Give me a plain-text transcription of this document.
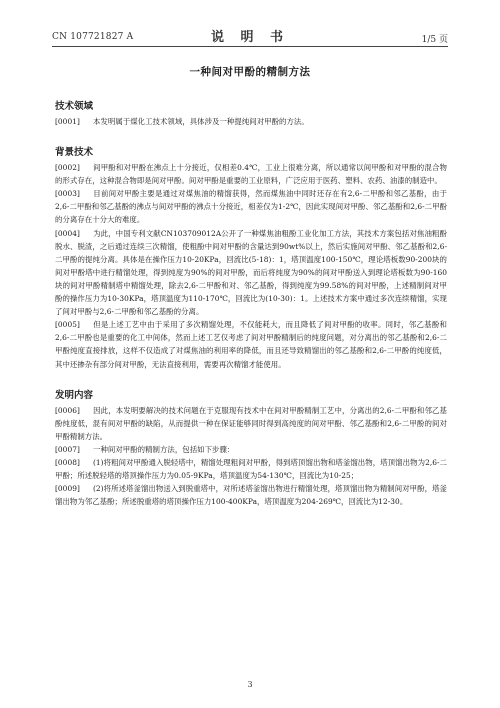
CN 107721827 A	说 明 书	1/5 页
一种间对甲酚的精制方法
技术领域

[0001] 本发明属于煤化工技术领域，具体涉及一种提纯间对甲酚的方法。

背景技术

[0002] 间甲酚和对甲酚在沸点上十分接近，仅相差0.4℃，工业上很难分离，所以通常以间甲酚和对甲酚的混合物的形式存在，这种混合物即是间对甲酚。间对甲酚是重要的工业原料，广泛应用于医药、塑料、农药、油漆的制造中。

[0003] 目前间对甲酚主要是通过对煤焦油的精馏获得，然而煤焦油中同时还存在有2,6-二甲酚和邻乙基酚，由于2,6-二甲酚和邻乙基酚的沸点与间对甲酚的沸点十分接近，相差仅为1-2℃，因此实现间对甲酚、邻乙基酚和2,6-二甲酚的分离存在十分大的难度。

[0004] 为此，中国专利文献CN103709012A公开了一种煤焦油粗酚工业化加工方法，其技术方案包括对焦油粗酚脱水、脱渣，之后通过连续三次精馏，使粗酚中间对甲酚的含量达到90wt%以上，然后实施间对甲酚、邻乙基酚和2,6-二甲酚的提纯分离。具体是在操作压力10-20KPa，回流比(5-18)：1，塔顶温度100-150℃，理论塔板数90-200块的间对甲酚塔中进行精馏处理，得到纯度为90%的间对甲酚，而后将纯度为90%的间对甲酚送入到理论塔板数为90-160块的间对甲酚精制塔中精馏处理，除去2,6-二甲酚和对、邻乙基酚，得到纯度为99.58%的间对甲酚，上述精制间对甲酚的操作压力为10-30KPa，塔顶温度为110-170℃，回流比为(10-30)：1。上述技术方案中通过多次连续精馏，实现了间对甲酚与2,6-二甲酚和邻乙基酚的分离。

[0005] 但是上述工艺中由于采用了多次精馏处理，不仅能耗大，而且降低了间对甲酚的收率。同时，邻乙基酚和2,6-二甲酚也是重要的化工中间体，然而上述工艺仅考虑了间对甲酚精制后的纯度问题，对分离出的邻乙基酚和2,6-二甲酚纯度直接排放，这样不仅造成了对煤焦油的利用率的降低，而且还导致精馏出的邻乙基酚和2,6-二甲酚的纯度低，其中还掺杂有部分间对甲酚，无法直接利用，需要再次精馏才能使用。

发明内容

[0006] 因此，本发明要解决的技术问题在于克服现有技术中在间对甲酚精制工艺中，分离出的2,6-二甲酚和邻乙基酚纯度低，混有间对甲酚的缺陷，从而提供一种在保证能够同时得到高纯度的间对甲酚、邻乙基酚和2,6-二甲酚的间对甲酚精制方法。

[0007] 一种间对甲酚的精制方法，包括如下步骤：

[0008] (1)将粗间对甲酚通入脱轻塔中，精馏处理粗间对甲酚，得到塔顶馏出物和塔釜馏出物，塔顶馏出物为2,6-二甲酚；所述脱轻塔的塔顶操作压力为0.05-9KPa，塔顶温度为54-130℃，回流比为10-25；

[0009] (2)将所述塔釜馏出物送入到脱重塔中，对所述塔釜馏出物进行精馏处理，塔顶馏出物为精制间对甲酚，塔釜馏出物为邻乙基酚；所述脱重塔的塔顶操作压力100-400KPa，塔顶温度为204-269℃，回流比为12-30。

3
